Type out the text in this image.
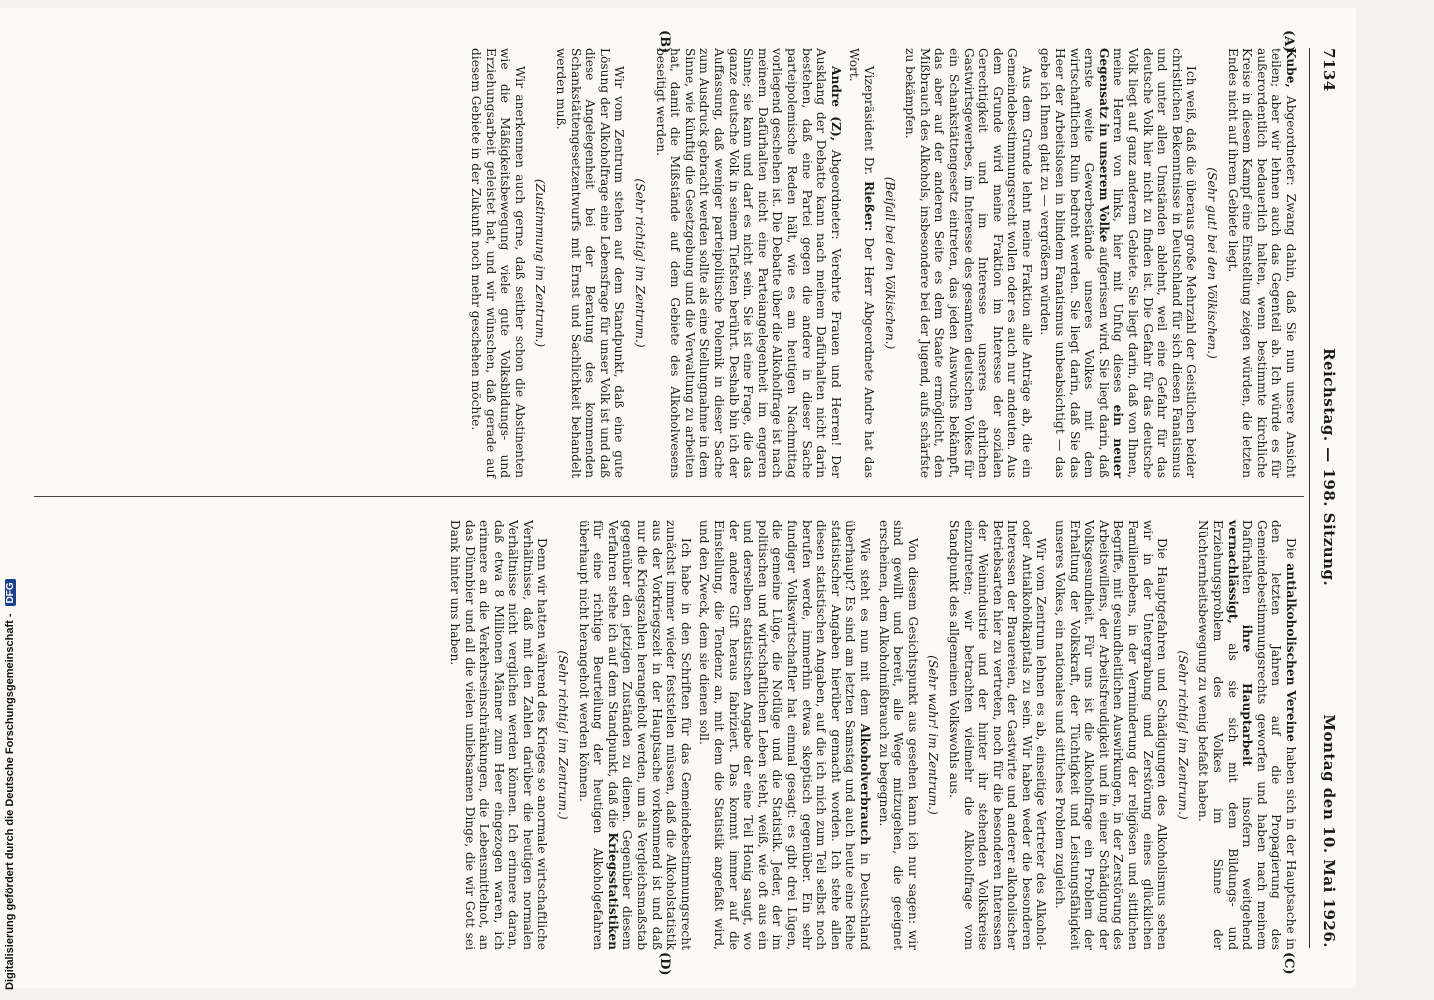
7134
Reichstag. — 198. Sitzung.
Montag den 10. Mai 1926.
(A)
(B)
(C)
(D)

Kube, Abgeordneter: Zwang dahin, daß Sie nun unsere Ansicht teilen; aber wir lehnen auch das Gegenteil ab. Ich würde es für außerordentlich bedauerlich halten, wenn bestimmte kirchliche Kreise in diesem Kampf eine Einstellung zeigen würden, die letzten Endes nicht auf ihrem Gebiete liegt.

(Sehr gut! bei den Völkischen.)

Ich weiß, daß die überaus große Mehrzahl der Geistlichen beider christlichen Bekenntnisse in Deutschland für sich diesen Fanatismus und unter allen Umständen ablehnt, weil eine Gefahr für das deutsche Volk hier nicht zu finden ist. Die Gefahr für das deutsche Volk liegt auf ganz anderem Gebiete. Sie liegt darin, daß von Ihnen, meine Herren von links, hier mit Unfug dieses ein neuer Gegensatz in unserem Volke aufgerissen wird. Sie liegt darin, daß ernste weite Gewerbestände unseres Volkes mit dem wirtschaftlichen Ruin bedroht werden. Sie liegt darin, daß Sie das Heer der Arbeitslosen in blindem Fanatismus unbeabsichtigt — das gebe ich Ihnen glatt zu — vergrößern würden.

Aus dem Grunde lehnt meine Fraktion alle Anträge ab, die ein Gemeindebestimmungsrecht wollen oder es auch nur andeuten. Aus dem Grunde wird meine Fraktion im Interesse der sozialen Gerechtigkeit und im Interesse unseres ehrlichen Gastwirtsgewerbes, im Interesse des gesamten deutschen Volkes für ein Schankstättengesetz eintreten, das jeden Auswuchs bekämpft, das aber auf der anderen Seite es dem Staate ermöglicht, den Mißbrauch des Alkohols, insbesondere bei der Jugend, aufs schärfste zu bekämpfen.

(Beifall bei den Völkischen.)

Vizepräsident Dr. Rießer: Der Herr Abgeordnete Andre hat das Wort.

Andre (Z), Abgeordneter: Verehrte Frauen und Herren! Der Ausklang der Debatte kann nach meinem Dafürhalten nicht darin bestehen, daß eine Partei gegen die andere in dieser Sache parteipolemische Reden hält, wie es am heutigen Nachmittag vorliegend geschehen ist. Die Debatte über die Alkoholfrage ist nach meinem Dafürhalten nicht eine Parteiangelegenheit im engeren Sinne; sie kann und darf es nicht sein. Sie ist eine Frage, die das ganze deutsche Volk in seinem Tiefsten berührt. Deshalb bin ich der Auffassung, daß weniger parteipolitische Polemik in dieser Sache zum Ausdruck gebracht werden sollte als eine Stellungnahme in dem Sinne, wie künftig die Gesetzgebung und die Verwaltung zu arbeiten hat, damit die Mißstände auf dem Gebiete des Alkoholwesens beseitigt werden.

(Sehr richtig! im Zentrum.)

Wir vom Zentrum stehen auf dem Standpunkt, daß eine gute Lösung der Alkoholfrage eine Lebensfrage für unser Volk ist und daß diese Angelegenheit bei der Beratung des kommenden Schankstättengesetzentwurfs mit Ernst und Sachlichkeit behandelt werden muß.

(Zustimmung im Zentrum.)

Wir anerkennen auch gerne, daß seither schon die Abstinenten wie die Mäßigkeitsbewegung viele gute Volksbildungs- und Erziehungsarbeit geleistet hat, und wir wünschen, daß gerade auf diesem Gebiete in der Zukunft noch mehr geschehen möchte.

Die antialkoholischen Vereine haben sich in der Hauptsache in den letzten Jahren auf die Propagierung des Gemeindebestimmungsrechts geworfen und haben nach meinem Dafürhalten ihre Hauptarbeit insofern weitgehend vernachlässigt, als sie sich mit dem Bildungs- und Erziehungsproblem des Volkes im Sinne der Nüchternheitsbewegung zu wenig befaßt haben.

(Sehr richtig! im Zentrum.)

Die Hauptgefahren und Schädigungen des Alkoholismus sehen wir in der Untergrabung und Zerstörung eines glücklichen Familienlebens, in der Verminderung der religiösen und sittlichen Begriffe, mit gesundheitlichen Auswirkungen, in der Zerstörung des Arbeitswillens, der Arbeitsfreudigkeit und in einer Schädigung der Volksgesundheit. Für uns ist die Alkoholfrage ein Problem der Erhaltung der Volkskraft, der Tüchtigkeit und Leistungsfähigkeit unseres Volkes, ein nationales und sittliches Problem zugleich.

Wir vom Zentrum lehnen es ab, einseitige Vertreter des Alkohol- oder Antialkoholkapitals zu sein. Wir haben weder die besonderen Interessen der Brauereien, der Gastwirte und anderer alkoholischer Betriebsarten hier zu vertreten, noch für die besonderen Interessen der Weinindustrie und der hinter ihr stehenden Volkskreise einzutreten; wir betrachten vielmehr die Alkoholfrage vom Standpunkt des allgemeinen Volkswohls aus.

(Sehr wahr! im Zentrum.)

Von diesem Gesichtspunkt aus gesehen kann ich nur sagen: wir sind gewillt und bereit, alle Wege mitzugehen, die geeignet erscheinen, dem Alkoholmißbrauch zu begegnen.

Wie steht es nun mit dem Alkoholverbrauch in Deutschland überhaupt? Es sind am letzten Samstag und auch heute eine Reihe statistischer Angaben hierüber gemacht worden. Ich stehe allen diesen statistischen Angaben, auf die ich mich zum Teil selbst noch berufen werde, immerhin etwas skeptisch gegenüber. Ein sehr fundiger Volkswirtschaftler hat einmal gesagt: es gibt drei Lügen, die gemeine Lüge, die Notlüge und die Statistik. Jeder, der im politischen und wirtschaftlichen Leben steht, weiß, wie oft aus ein und derselben statistischen Angabe der eine Teil Honig saugt, wo der andere Gift heraus fabriziert. Das kommt immer auf die Einstellung, die Tendenz an, mit dem die Statistik angefaßt wird, und den Zweck, dem sie dienen soll.

Ich habe in den Schriften für das Gemeindebestimmungsrecht zunächst immer wieder feststellen müssen, daß die Alkoholstatistik aus der Vorkriegszeit in der Hauptsache vorkommend ist und daß nur die Kriegszahlen herangeholt werden, um als Vergleichsmaßstab gegenüber den jetzigen Zuständen zu dienen. Gegenüber diesem Verfahren stehe ich auf dem Standpunkt, daß die Kriegsstatistiken für eine richtige Beurteilung der heutigen Alkoholgefahren überhaupt nicht herangeholt werden können.

(Sehr richtig! im Zentrum.)

Denn wir hatten während des Krieges so anormale wirtschaftliche Verhältnisse, daß mit den Zahlen darüber die heutigen normalen Verhältnisse nicht verglichen werden können. Ich erinnere daran, daß etwa 8 Millionen Männer zum Heer eingezogen waren, ich erinnere an die Verkehrseinschränkungen, die Lebensmittelnot, an das Dünnbier und all die vielen unliebsamen Dinge, die wir Gott sei Dank hinter uns haben.

Digitalisierung gefördert durch die Deutsche Forschungsgemeinschaft - DFG
